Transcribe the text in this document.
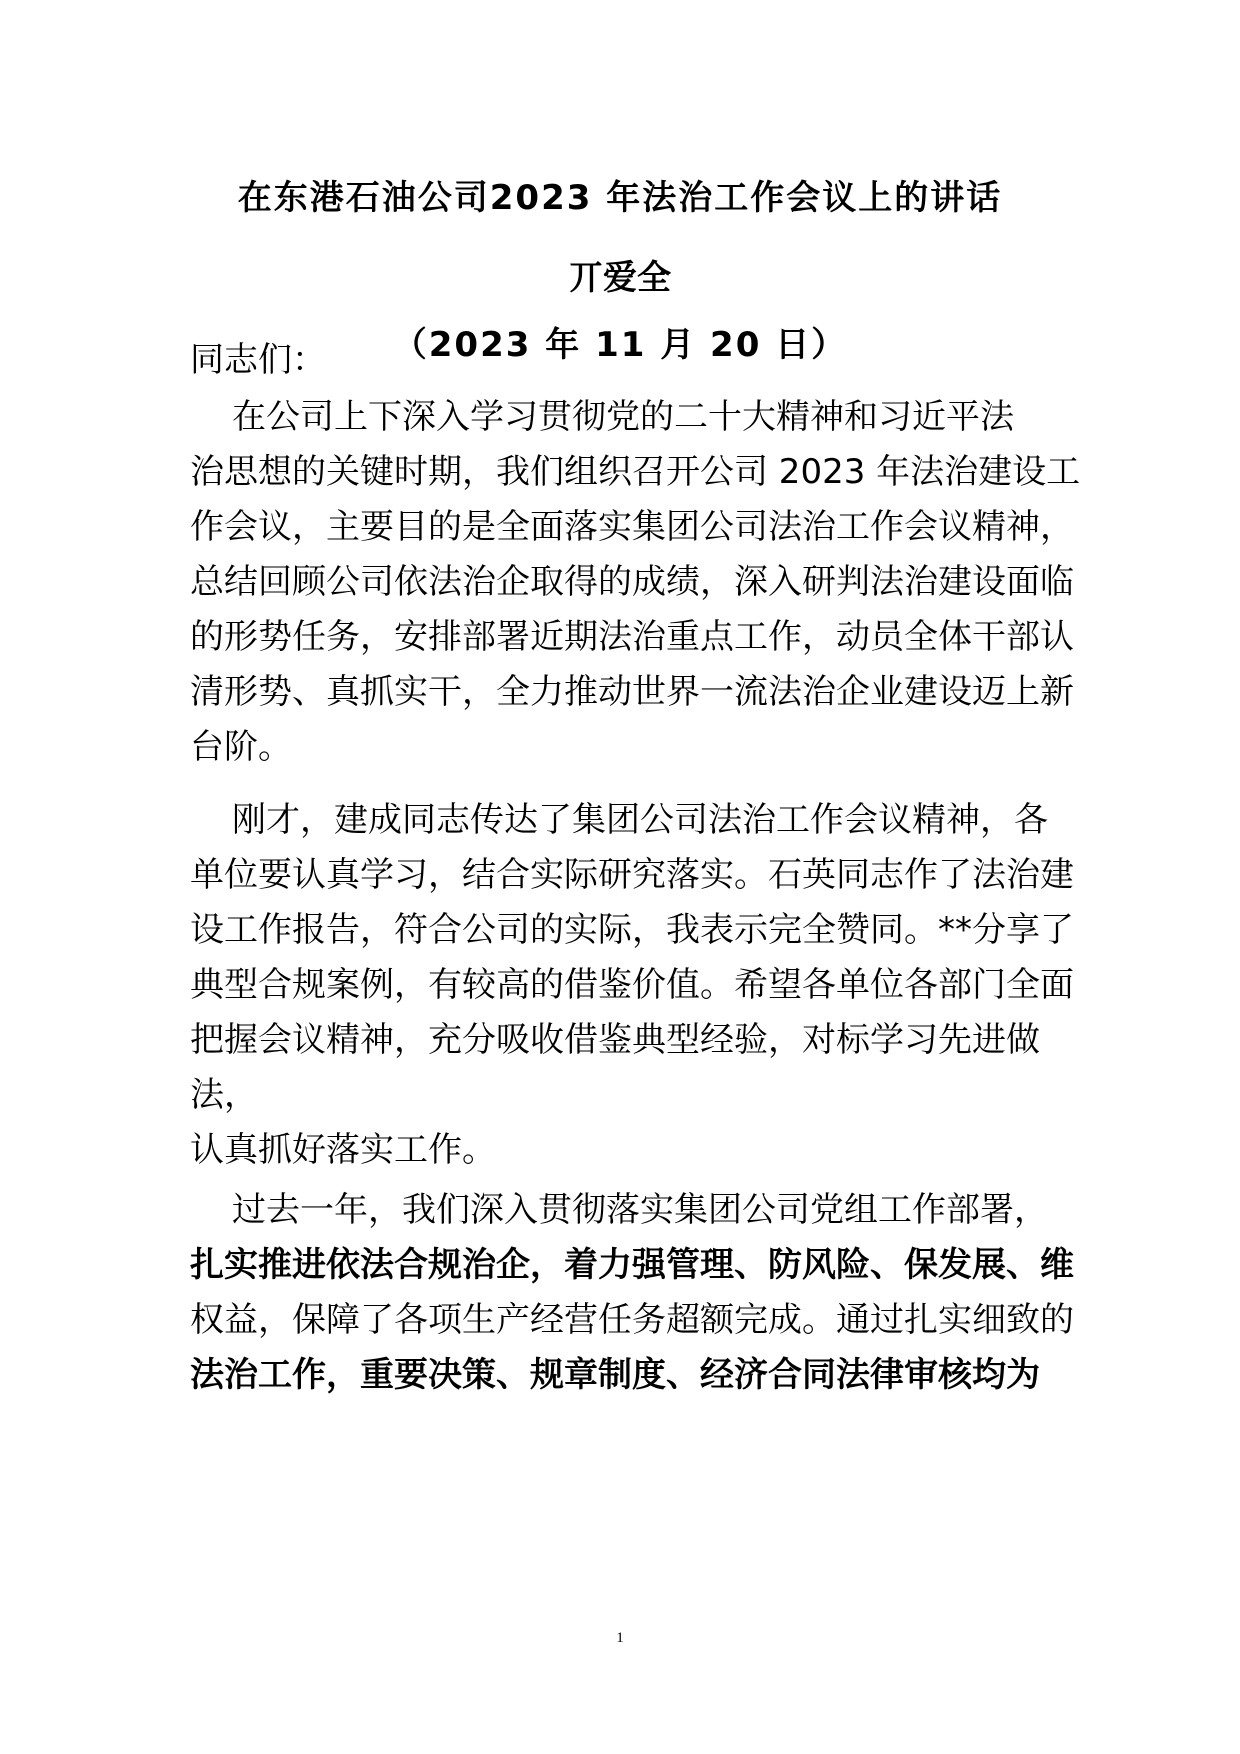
在东港石油公司2023 年法治工作会议上的讲话
丌爱全
（2023 年 11 月 20 日）
同志们：
在公司上下深入学习贯彻党的二十大精神和习近平法
治思想的关键时期，我们组织召开公司 2023 年法治建设工
作会议，主要目的是全面落实集团公司法治工作会议精神，
总结回顾公司依法治企取得的成绩，深入研判法治建设面临
的形势任务，安排部署近期法治重点工作，动员全体干部认
清形势、真抓实干，全力推动世界一流法治企业建设迈上新
台阶。
刚才，建成同志传达了集团公司法治工作会议精神，各
单位要认真学习，结合实际研究落实。石英同志作了法治建
设工作报告，符合公司的实际，我表示完全赞同。**分享了
典型合规案例，有较高的借鉴价值。希望各单位各部门全面
把握会议精神，充分吸收借鉴典型经验，对标学习先进做
法，
认真抓好落实工作。
过去一年，我们深入贯彻落实集团公司党组工作部署，
扎实推进依法合规治企，着力强管理、防风险、保发展、维
权益，保障了各项生产经营任务超额完成。通过扎实细致的
法治工作，重要决策、规章制度、经济合同法律审核均为
1
